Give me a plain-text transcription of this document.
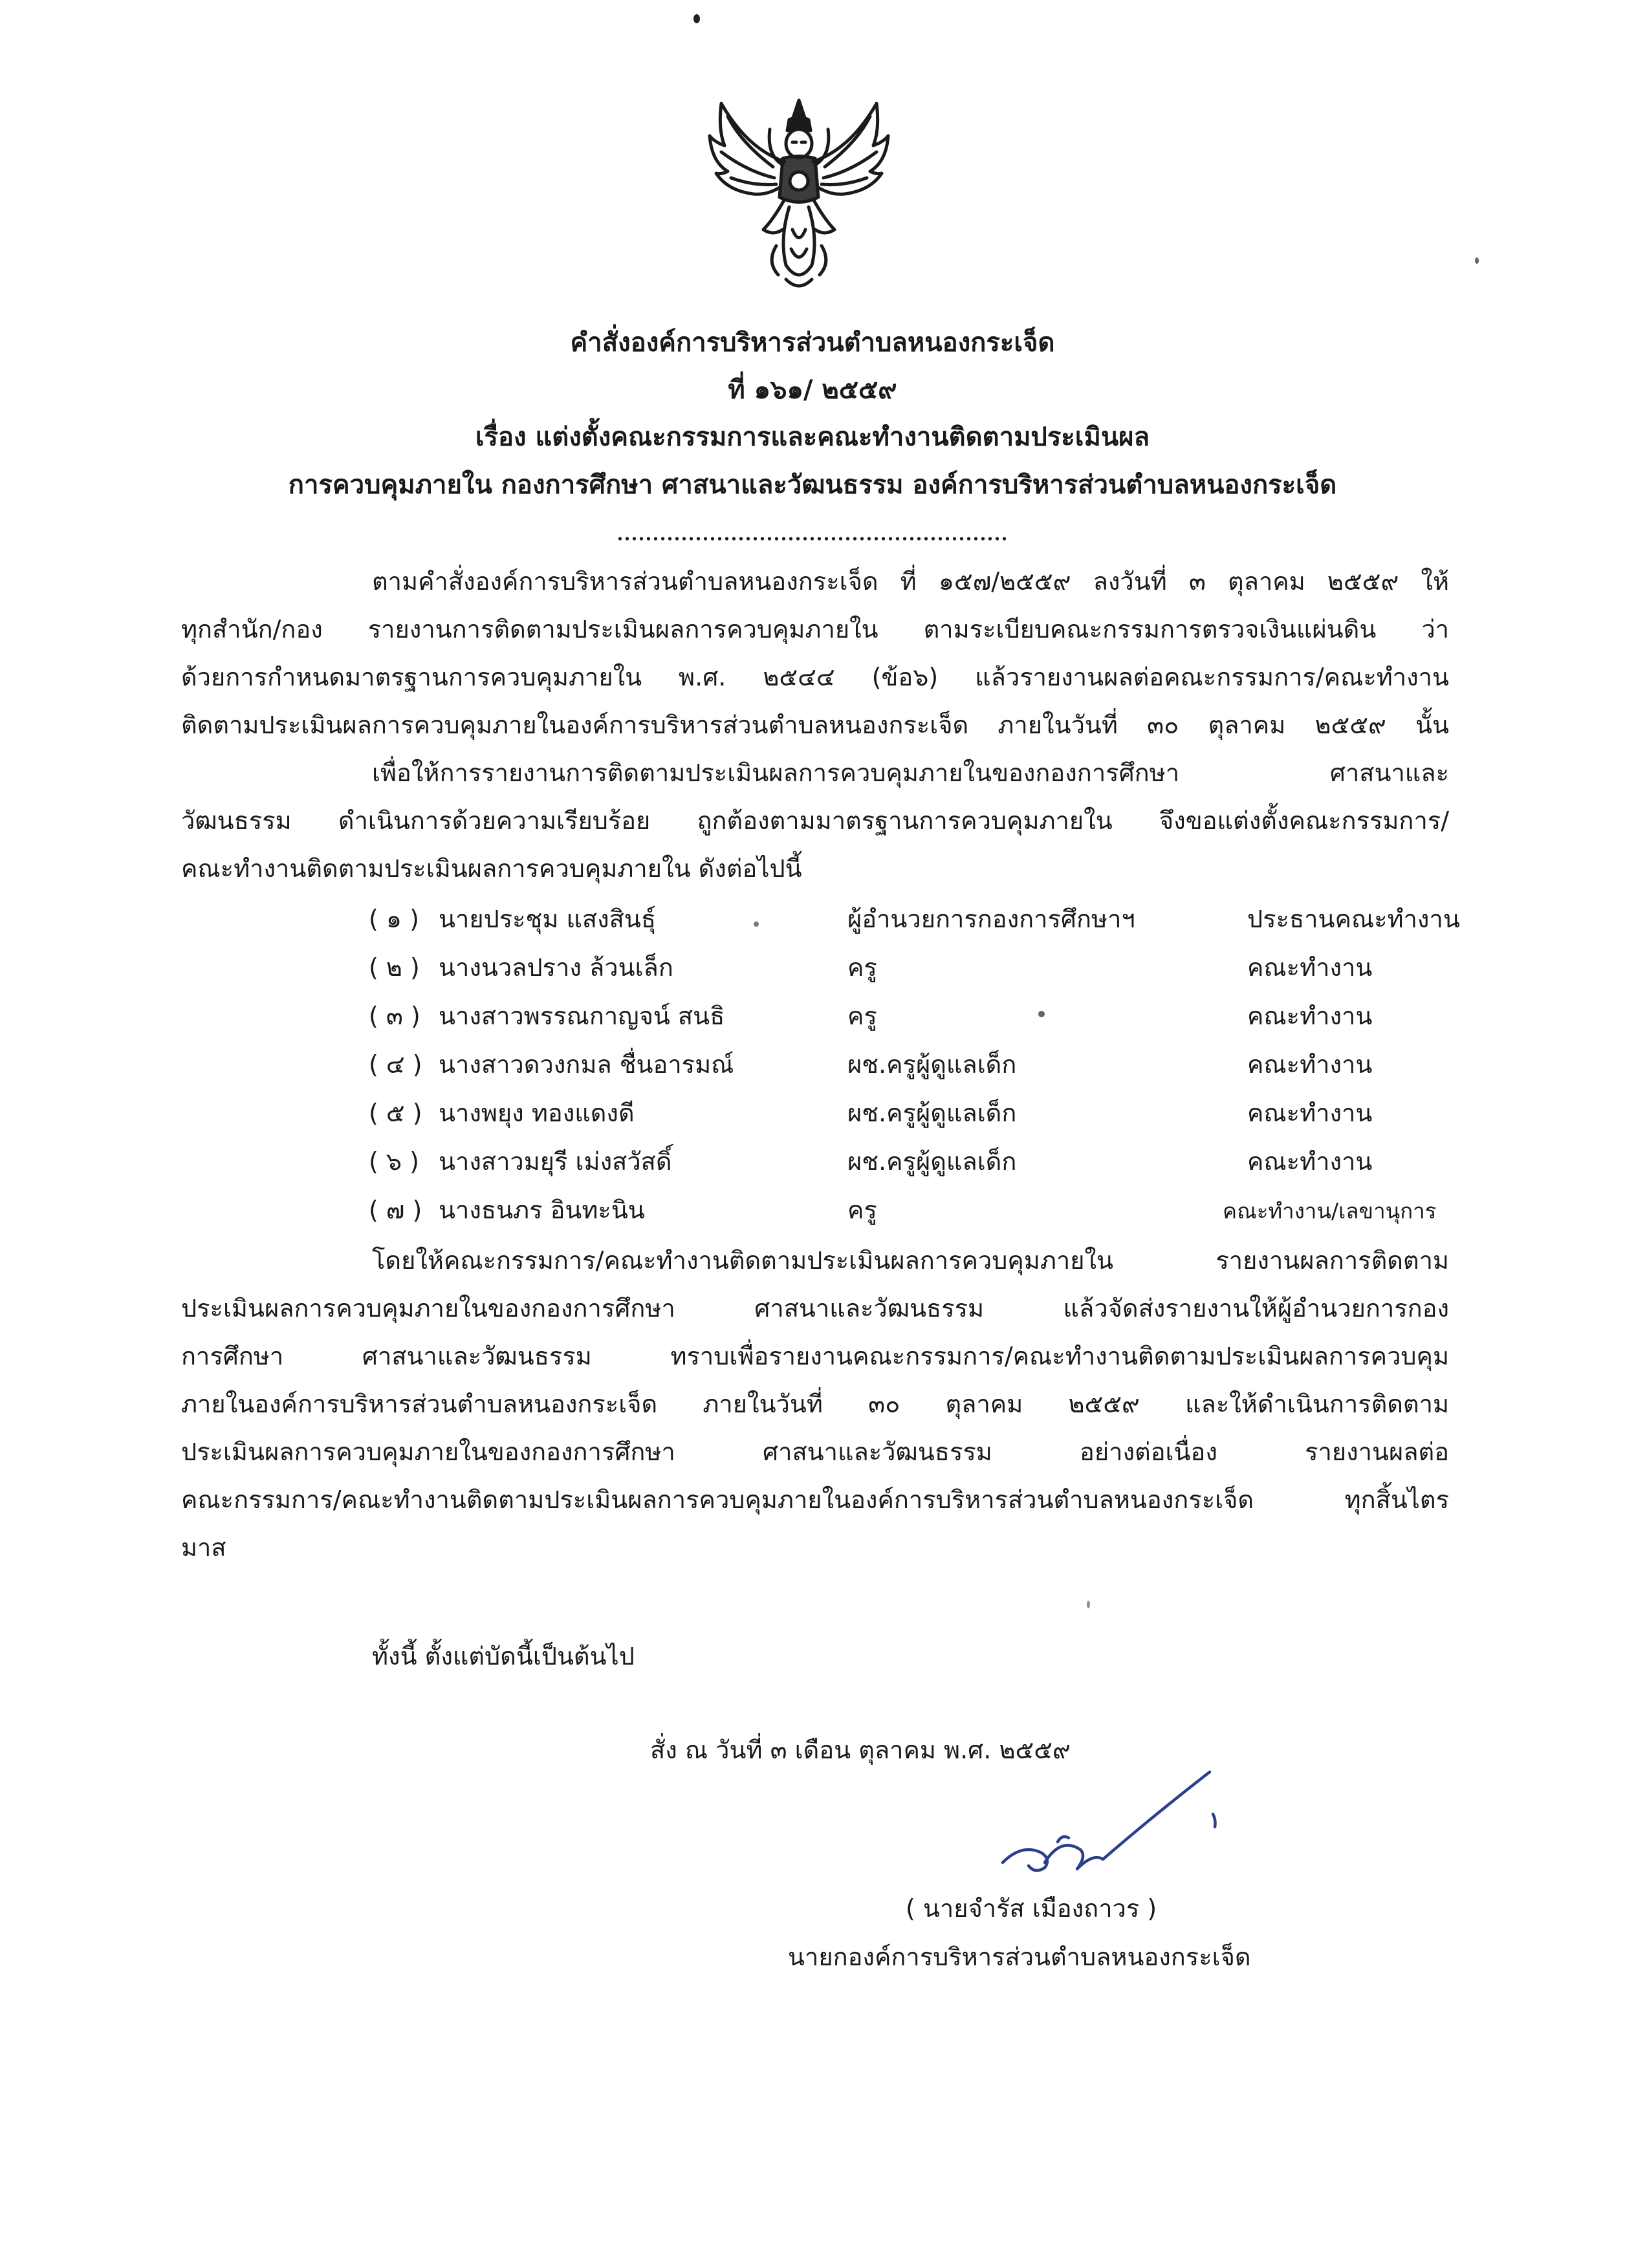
คำสั่งองค์การบริหารส่วนตำบลหนองกระเจ็ด
ที่ ๑๖๑/ ๒๕๕๙
เรื่อง แต่งตั้งคณะกรรมการและคณะทำงานติดตามประเมินผล
การควบคุมภายใน กองการศึกษา ศาสนาและวัฒนธรรม องค์การบริหารส่วนตำบลหนองกระเจ็ด
ตามคำสั่งองค์การบริหารส่วนตำบลหนองกระเจ็ด ที่ ๑๕๗/๒๕๕๙ ลงวันที่ ๓ ตุลาคม ๒๕๕๙ ให้
ทุกสำนัก/กอง รายงานการติดตามประเมินผลการควบคุมภายใน ตามระเบียบคณะกรรมการตรวจเงินแผ่นดิน ว่า
ด้วยการกำหนดมาตรฐานการควบคุมภายใน พ.ศ. ๒๕๔๔ (ข้อ๖) แล้วรายงานผลต่อคณะกรรมการ/คณะทำงาน
ติดตามประเมินผลการควบคุมภายในองค์การบริหารส่วนตำบลหนองกระเจ็ด ภายในวันที่ ๓๐ ตุลาคม ๒๕๕๙ นั้น
เพื่อให้การรายงานการติดตามประเมินผลการควบคุมภายในของกองการศึกษา ศาสนาและ
วัฒนธรรม ดำเนินการด้วยความเรียบร้อย ถูกต้องตามมาตรฐานการควบคุมภายใน จึงขอแต่งตั้งคณะกรรมการ/
คณะทำงานติดตามประเมินผลการควบคุมภายใน ดังต่อไปนี้
( ๑ ) นายประชุม แสงสินธุ์	ผู้อำนวยการกองการศึกษาฯ	ประธานคณะทำงาน
( ๒ ) นางนวลปราง ล้วนเล็ก	ครู	คณะทำงาน
( ๓ ) นางสาวพรรณกาญจน์ สนธิ	ครู	คณะทำงาน
( ๔ ) นางสาวดวงกมล ชื่นอารมณ์	ผช.ครูผู้ดูแลเด็ก	คณะทำงาน
( ๕ ) นางพยุง ทองแดงดี	ผช.ครูผู้ดูแลเด็ก	คณะทำงาน
( ๖ ) นางสาวมยุรี เม่งสวัสดิ์	ผช.ครูผู้ดูแลเด็ก	คณะทำงาน
( ๗ ) นางธนภร อินทะนิน	ครู	คณะทำงาน/เลขานุการ
โดยให้คณะกรรมการ/คณะทำงานติดตามประเมินผลการควบคุมภายใน รายงานผลการติดตาม
ประเมินผลการควบคุมภายในของกองการศึกษา ศาสนาและวัฒนธรรม แล้วจัดส่งรายงานให้ผู้อำนวยการกอง
การศึกษา ศาสนาและวัฒนธรรม ทราบเพื่อรายงานคณะกรรมการ/คณะทำงานติดตามประเมินผลการควบคุม
ภายในองค์การบริหารส่วนตำบลหนองกระเจ็ด ภายในวันที่ ๓๐ ตุลาคม ๒๕๕๙ และให้ดำเนินการติดตาม
ประเมินผลการควบคุมภายในของกองการศึกษา ศาสนาและวัฒนธรรม อย่างต่อเนื่อง รายงานผลต่อ
คณะกรรมการ/คณะทำงานติดตามประเมินผลการควบคุมภายในองค์การบริหารส่วนตำบลหนองกระเจ็ด ทุกสิ้นไตร
มาส
ทั้งนี้ ตั้งแต่บัดนี้เป็นต้นไป
สั่ง ณ วันที่ ๓ เดือน ตุลาคม พ.ศ. ๒๕๕๙
( นายจำรัส เมืองถาวร )
นายกองค์การบริหารส่วนตำบลหนองกระเจ็ด
